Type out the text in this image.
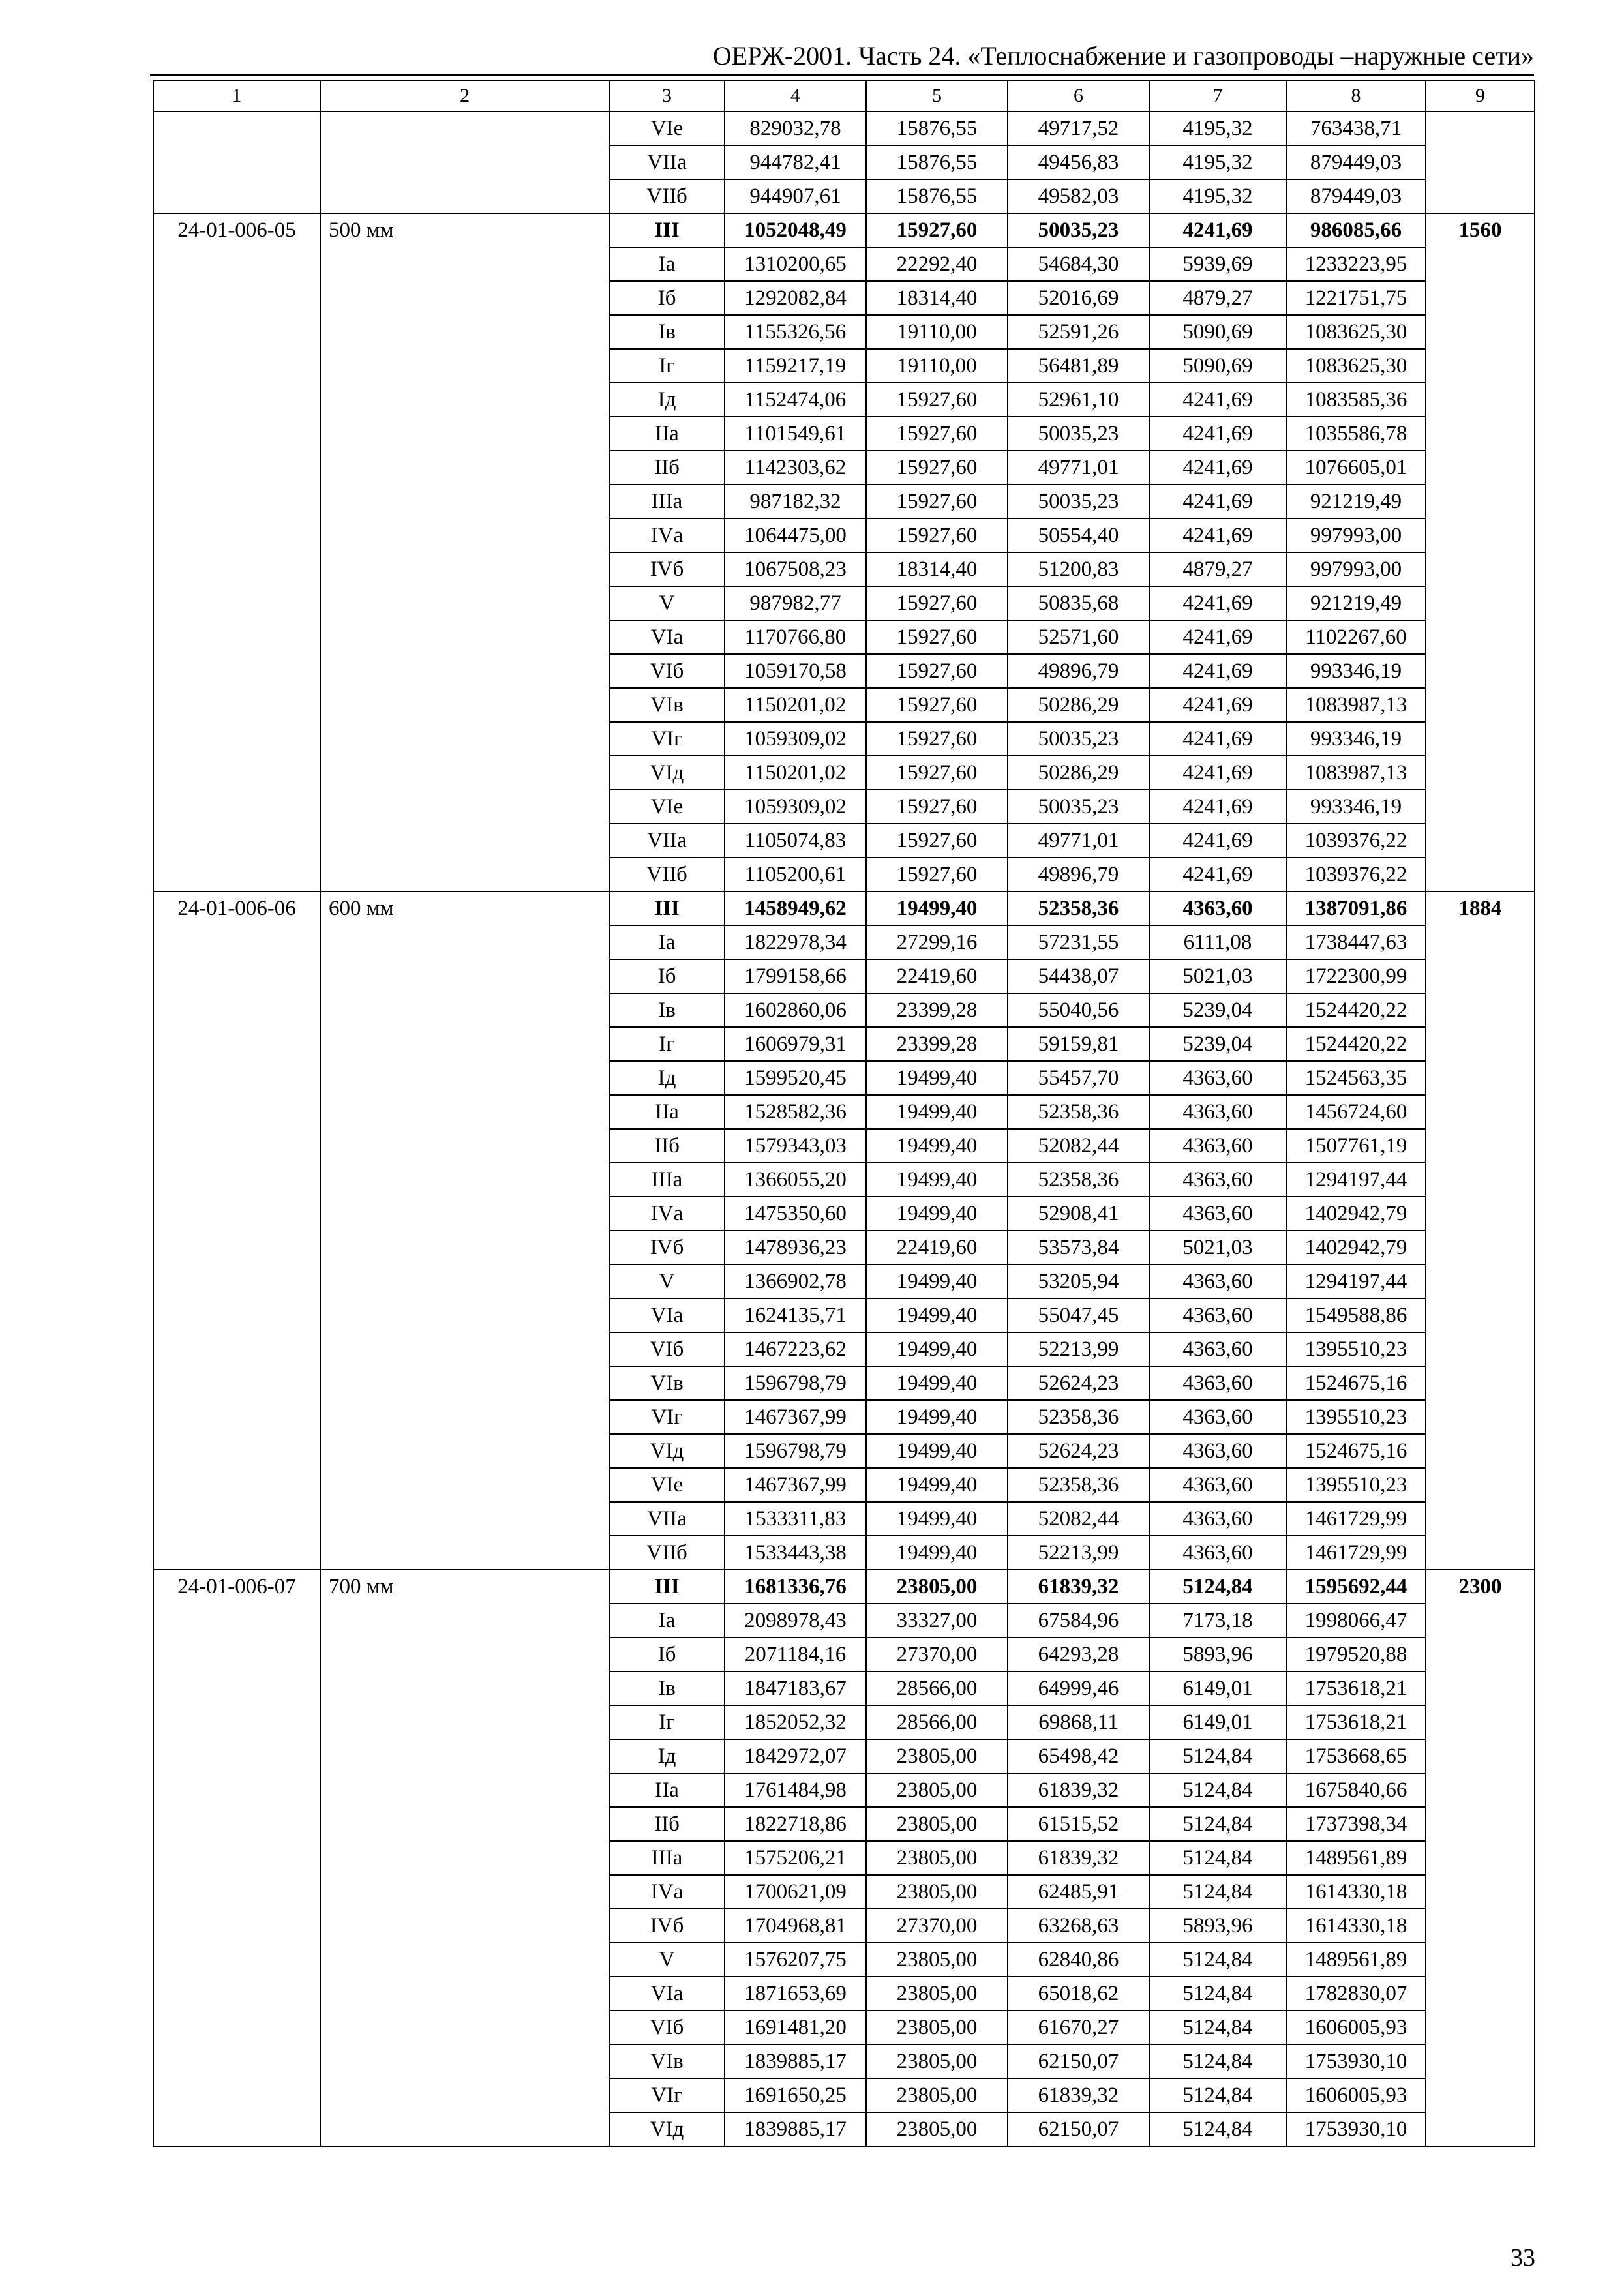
ОЕРЖ-2001. Часть 24. «Теплоснабжение и газопроводы –наружные сети»
1	2	3	4	5	6	7	8	9
		VIе	829032,78	15876,55	49717,52	4195,32	763438,71	
		VIIа	944782,41	15876,55	49456,83	4195,32	879449,03	
		VIIб	944907,61	15876,55	49582,03	4195,32	879449,03	
24-01-006-05	500 мм	III	1052048,49	15927,60	50035,23	4241,69	986085,66	1560
		Iа	1310200,65	22292,40	54684,30	5939,69	1233223,95	
		Iб	1292082,84	18314,40	52016,69	4879,27	1221751,75	
		Iв	1155326,56	19110,00	52591,26	5090,69	1083625,30	
		Iг	1159217,19	19110,00	56481,89	5090,69	1083625,30	
		Iд	1152474,06	15927,60	52961,10	4241,69	1083585,36	
		IIа	1101549,61	15927,60	50035,23	4241,69	1035586,78	
		IIб	1142303,62	15927,60	49771,01	4241,69	1076605,01	
		IIIа	987182,32	15927,60	50035,23	4241,69	921219,49	
		IVа	1064475,00	15927,60	50554,40	4241,69	997993,00	
		IVб	1067508,23	18314,40	51200,83	4879,27	997993,00	
		V	987982,77	15927,60	50835,68	4241,69	921219,49	
		VIа	1170766,80	15927,60	52571,60	4241,69	1102267,60	
		VIб	1059170,58	15927,60	49896,79	4241,69	993346,19	
		VIв	1150201,02	15927,60	50286,29	4241,69	1083987,13	
		VIг	1059309,02	15927,60	50035,23	4241,69	993346,19	
		VIд	1150201,02	15927,60	50286,29	4241,69	1083987,13	
		VIе	1059309,02	15927,60	50035,23	4241,69	993346,19	
		VIIа	1105074,83	15927,60	49771,01	4241,69	1039376,22	
		VIIб	1105200,61	15927,60	49896,79	4241,69	1039376,22	
24-01-006-06	600 мм	III	1458949,62	19499,40	52358,36	4363,60	1387091,86	1884
		Iа	1822978,34	27299,16	57231,55	6111,08	1738447,63	
		Iб	1799158,66	22419,60	54438,07	5021,03	1722300,99	
		Iв	1602860,06	23399,28	55040,56	5239,04	1524420,22	
		Iг	1606979,31	23399,28	59159,81	5239,04	1524420,22	
		Iд	1599520,45	19499,40	55457,70	4363,60	1524563,35	
		IIа	1528582,36	19499,40	52358,36	4363,60	1456724,60	
		IIб	1579343,03	19499,40	52082,44	4363,60	1507761,19	
		IIIа	1366055,20	19499,40	52358,36	4363,60	1294197,44	
		IVа	1475350,60	19499,40	52908,41	4363,60	1402942,79	
		IVб	1478936,23	22419,60	53573,84	5021,03	1402942,79	
		V	1366902,78	19499,40	53205,94	4363,60	1294197,44	
		VIа	1624135,71	19499,40	55047,45	4363,60	1549588,86	
		VIб	1467223,62	19499,40	52213,99	4363,60	1395510,23	
		VIв	1596798,79	19499,40	52624,23	4363,60	1524675,16	
		VIг	1467367,99	19499,40	52358,36	4363,60	1395510,23	
		VIд	1596798,79	19499,40	52624,23	4363,60	1524675,16	
		VIе	1467367,99	19499,40	52358,36	4363,60	1395510,23	
		VIIа	1533311,83	19499,40	52082,44	4363,60	1461729,99	
		VIIб	1533443,38	19499,40	52213,99	4363,60	1461729,99	
24-01-006-07	700 мм	III	1681336,76	23805,00	61839,32	5124,84	1595692,44	2300
		Iа	2098978,43	33327,00	67584,96	7173,18	1998066,47	
		Iб	2071184,16	27370,00	64293,28	5893,96	1979520,88	
		Iв	1847183,67	28566,00	64999,46	6149,01	1753618,21	
		Iг	1852052,32	28566,00	69868,11	6149,01	1753618,21	
		Iд	1842972,07	23805,00	65498,42	5124,84	1753668,65	
		IIа	1761484,98	23805,00	61839,32	5124,84	1675840,66	
		IIб	1822718,86	23805,00	61515,52	5124,84	1737398,34	
		IIIа	1575206,21	23805,00	61839,32	5124,84	1489561,89	
		IVа	1700621,09	23805,00	62485,91	5124,84	1614330,18	
		IVб	1704968,81	27370,00	63268,63	5893,96	1614330,18	
		V	1576207,75	23805,00	62840,86	5124,84	1489561,89	
		VIа	1871653,69	23805,00	65018,62	5124,84	1782830,07	
		VIб	1691481,20	23805,00	61670,27	5124,84	1606005,93	
		VIв	1839885,17	23805,00	62150,07	5124,84	1753930,10	
		VIг	1691650,25	23805,00	61839,32	5124,84	1606005,93	
		VIд	1839885,17	23805,00	62150,07	5124,84	1753930,10	
33
